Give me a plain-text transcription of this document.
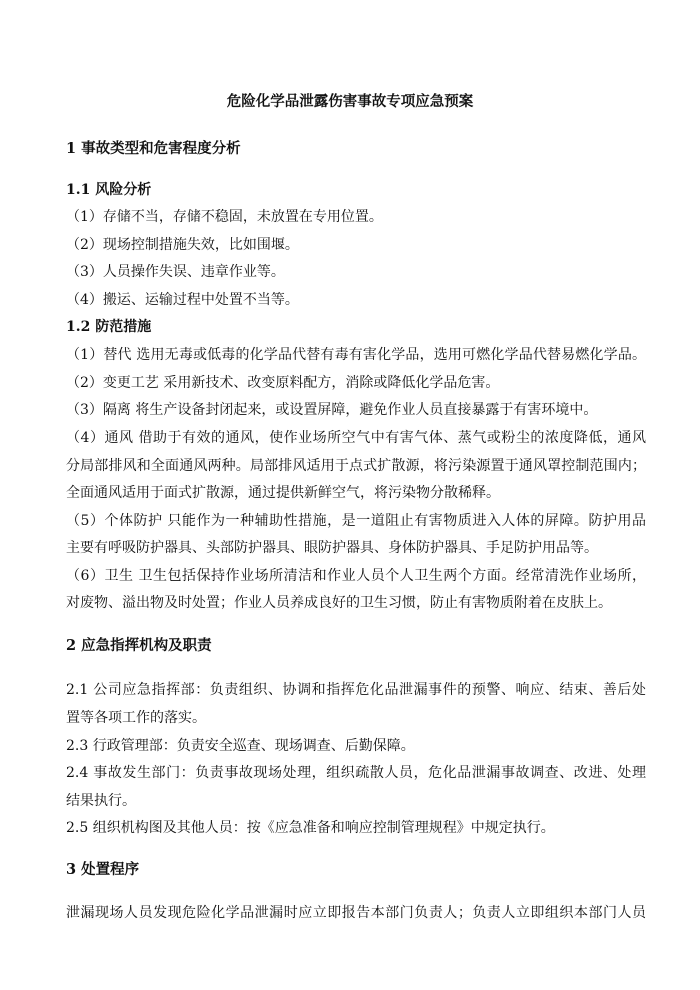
危险化学品泄露伤害事故专项应急预案
1 事故类型和危害程度分析
1.1 风险分析
（1）存储不当，存储不稳固，未放置在专用位置。
（2）现场控制措施失效，比如围堰。
（3）人员操作失误、违章作业等。
（4）搬运、运输过程中处置不当等。
1.2 防范措施
（1）替代 选用无毒或低毒的化学品代替有毒有害化学品，选用可燃化学品代替易燃化学品。
（2）变更工艺 采用新技术、改变原料配方，消除或降低化学品危害。
（3）隔离 将生产设备封闭起来，或设置屏障，避免作业人员直接暴露于有害环境中。
（4）通风 借助于有效的通风，使作业场所空气中有害气体、蒸气或粉尘的浓度降低，通风
分局部排风和全面通风两种。局部排风适用于点式扩散源，将污染源置于通风罩控制范围内；
全面通风适用于面式扩散源，通过提供新鲜空气，将污染物分散稀释。
（5）个体防护 只能作为一种辅助性措施，是一道阻止有害物质进入人体的屏障。防护用品
主要有呼吸防护器具、头部防护器具、眼防护器具、身体防护器具、手足防护用品等。
（6）卫生 卫生包括保持作业场所清洁和作业人员个人卫生两个方面。经常清洗作业场所，
对废物、溢出物及时处置；作业人员养成良好的卫生习惯，防止有害物质附着在皮肤上。
2 应急指挥机构及职责
2.1 公司应急指挥部：负责组织、协调和指挥危化品泄漏事件的预警、响应、结束、善后处
置等各项工作的落实。
2.3 行政管理部：负责安全巡查、现场调查、后勤保障。
2.4 事故发生部门：负责事故现场处理，组织疏散人员，危化品泄漏事故调查、改进、处理
结果执行。
2.5 组织机构图及其他人员：按《应急准备和响应控制管理规程》中规定执行。
3 处置程序
泄漏现场人员发现危险化学品泄漏时应立即报告本部门负责人；负责人立即组织本部门人员
